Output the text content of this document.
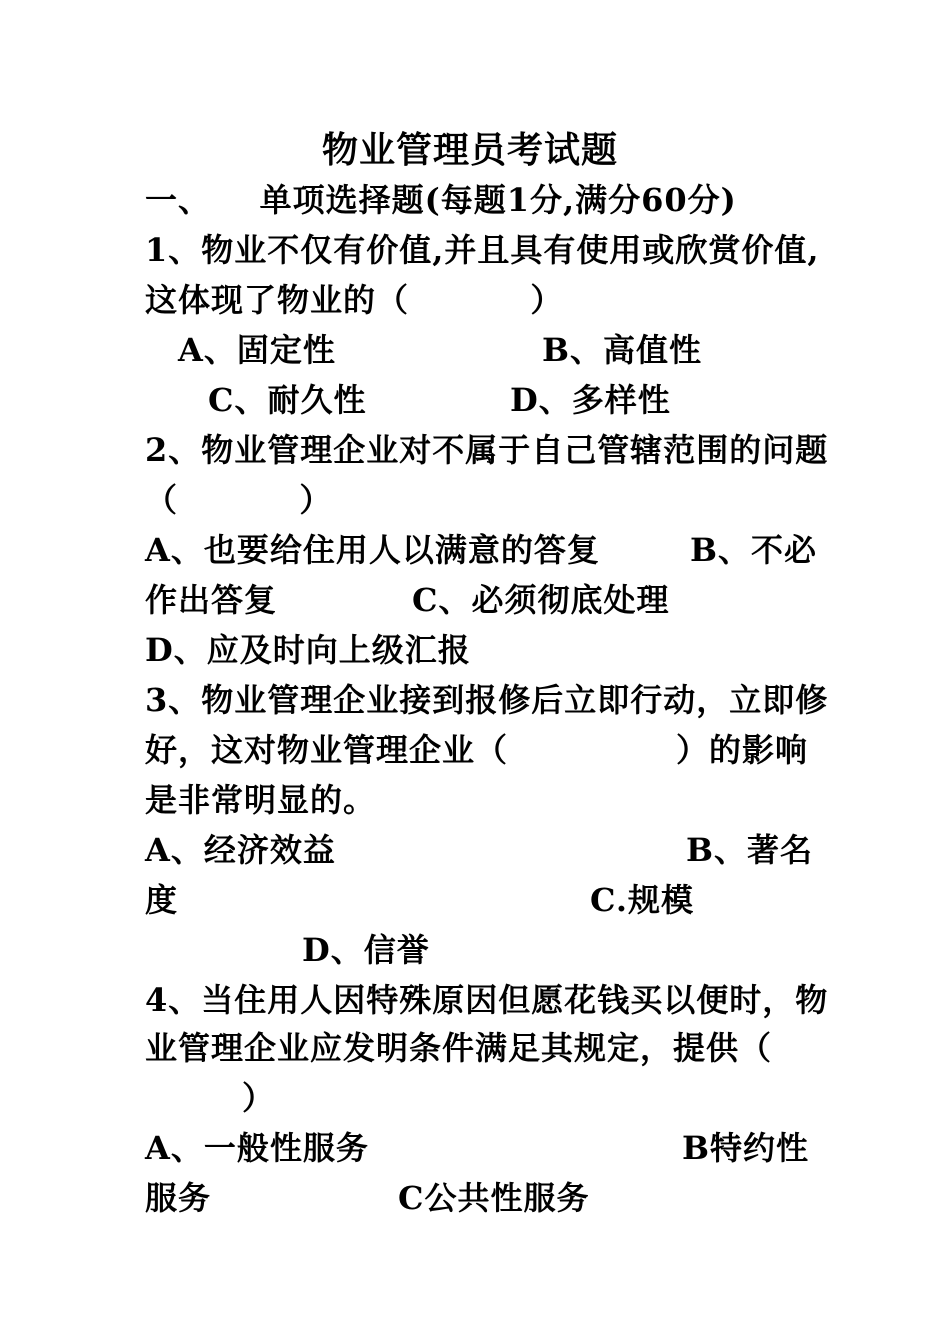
物业管理员考试题
一、    单项选择题(每题1分,满分60分)
1、物业不仅有价值,并且具有使用或欣赏价值,
这体现了物业的（          ）
A、固定性	B、高值性
C、耐久性	D、多样性
2、物业管理企业对不属于自己管辖范围的问题
（          ）
A、也要给住用人以满意的答复	B、不必
作出答复	C、必须彻底处理
D、应及时向上级汇报
3、物业管理企业接到报修后立即行动，立即修
好，这对物业管理企业（	）的影响
是非常明显的。
A、经济效益	B、著名
度	C.规模
D、信誉
4、当住用人因特殊原因但愿花钱买以便时，物
业管理企业应发明条件满足其规定，提供（
）
A、一般性服务	B特约性
服务	C公共性服务
